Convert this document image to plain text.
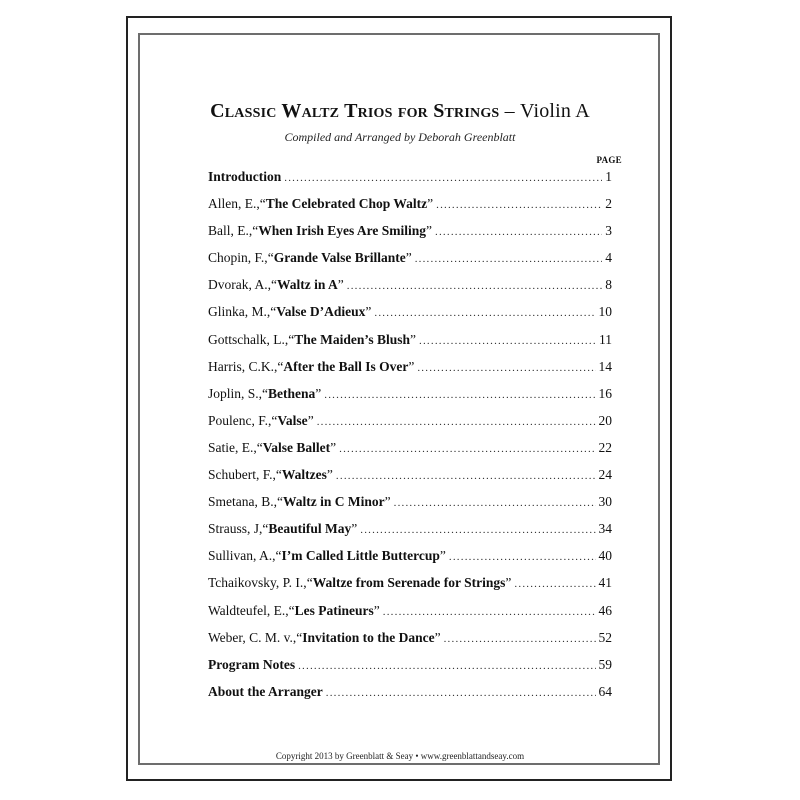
Classic Waltz Trios for Strings – Violin A
Compiled and Arranged by Deborah Greenblatt
PAGE
Introduction .....	1
Allen, E., “The Celebrated Chop Waltz” .....	2
Ball, E., “When Irish Eyes Are Smiling” .....	3
Chopin, F., “Grande Valse Brillante” .....	4
Dvorak, A., “Waltz in A” .....	8
Glinka, M., “Valse D’Adieux” .....	10
Gottschalk, L., “The Maiden’s Blush” .....	11
Harris, C.K., “After the Ball Is Over” .....	14
Joplin, S., “Bethena” .....	16
Poulenc, F., “Valse” .....	20
Satie, E., “Valse Ballet” .....	22
Schubert, F., “Waltzes” .....	24
Smetana, B., “Waltz in C Minor” .....	30
Strauss, J, “Beautiful May” .....	34
Sullivan, A., “I’m Called Little Buttercup” .....	40
Tchaikovsky, P. I., “Waltze from Serenade for Strings” .....	41
Waldteufel, E., “Les Patineurs” .....	46
Weber, C. M. v., “Invitation to the Dance” .....	52
Program Notes .....	59
About the Arranger .....	64
Copyright 2013 by Greenblatt & Seay • www.greenblattandseay.com
